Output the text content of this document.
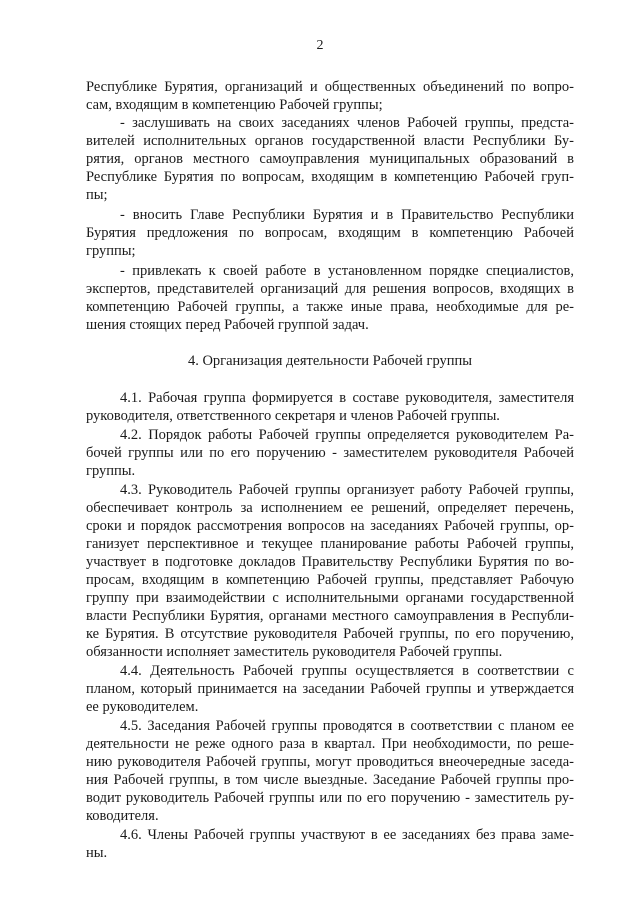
2
Республике Бурятия, организаций и общественных объединений по вопро-
сам, входящим в компетенцию Рабочей группы;
- заслушивать на своих заседаниях членов Рабочей группы, предста-
вителей исполнительных органов государственной власти Республики Бу-
рятия, органов местного самоуправления муниципальных образований в
Республике Бурятия по вопросам, входящим в компетенцию Рабочей груп-
пы;
- вносить Главе Республики Бурятия и в Правительство Республики
Бурятия предложения по вопросам, входящим в компетенцию Рабочей
группы;
- привлекать к своей работе в установленном порядке специалистов,
экспертов, представителей организаций для решения вопросов, входящих в
компетенцию Рабочей группы, а также иные права, необходимые для ре-
шения стоящих перед Рабочей группой задач.
4. Организация деятельности Рабочей группы
4.1. Рабочая группа формируется в составе руководителя, заместителя
руководителя, ответственного секретаря и членов Рабочей группы.
4.2. Порядок работы Рабочей группы определяется руководителем Ра-
бочей группы или по его поручению - заместителем руководителя Рабочей
группы.
4.3. Руководитель Рабочей группы организует работу Рабочей группы,
обеспечивает контроль за исполнением ее решений, определяет перечень,
сроки и порядок рассмотрения вопросов на заседаниях Рабочей группы, ор-
ганизует перспективное и текущее планирование работы Рабочей группы,
участвует в подготовке докладов Правительству Республики Бурятия по во-
просам, входящим в компетенцию Рабочей группы, представляет Рабочую
группу при взаимодействии с исполнительными органами государственной
власти Республики Бурятия, органами местного самоуправления в Республи-
ке Бурятия. В отсутствие руководителя Рабочей группы, по его поручению,
обязанности исполняет заместитель руководителя Рабочей группы.
4.4. Деятельность Рабочей группы осуществляется в соответствии с
планом, который принимается на заседании Рабочей группы и утверждается
ее руководителем.
4.5. Заседания Рабочей группы проводятся в соответствии с планом ее
деятельности не реже одного раза в квартал. При необходимости, по реше-
нию руководителя Рабочей группы, могут проводиться внеочередные заседа-
ния Рабочей группы, в том числе выездные. Заседание Рабочей группы про-
водит руководитель Рабочей группы или по его поручению - заместитель ру-
ководителя.
4.6. Члены Рабочей группы участвуют в ее заседаниях без права заме-
ны.
